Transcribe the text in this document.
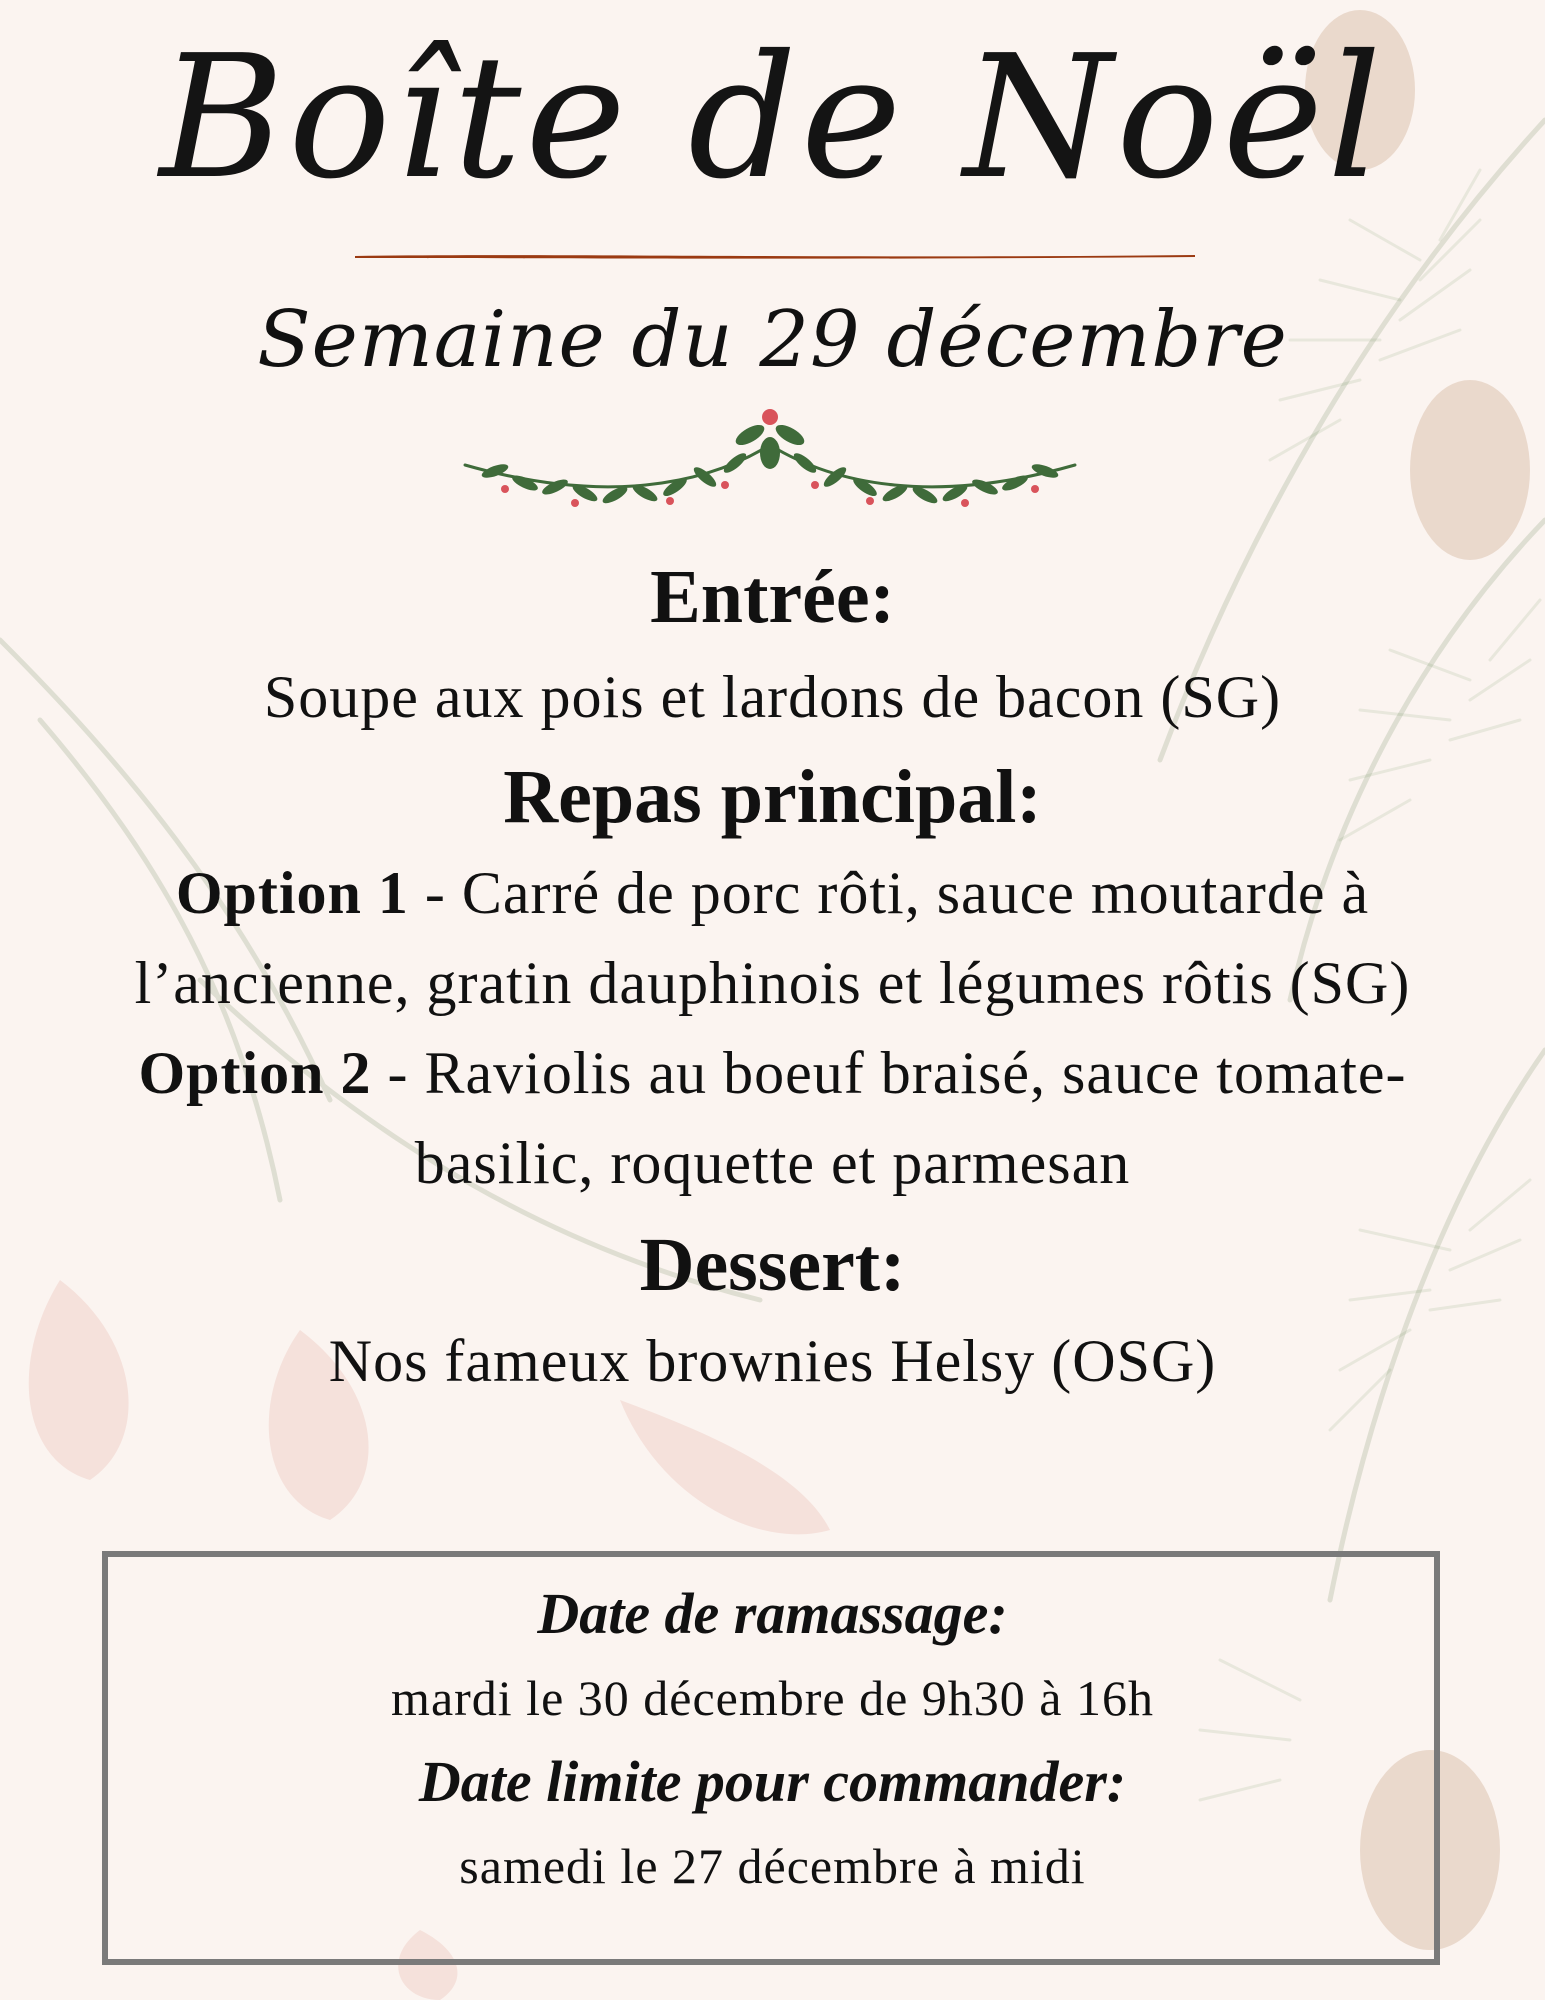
Boîte de Noël
Semaine du 29 décembre
Entrée:
Soupe aux pois et lardons de bacon (SG)
Repas principal:
Option 1 - Carré de porc rôti, sauce moutarde à
l’ancienne, gratin dauphinois et légumes rôtis (SG)
Option 2 - Raviolis au boeuf braisé, sauce tomate-
basilic, roquette et parmesan
Dessert:
Nos fameux brownies Helsy (OSG)
Date de ramassage:
mardi le 30 décembre de 9h30 à 16h
Date limite pour commander:
samedi le 27 décembre à midi
